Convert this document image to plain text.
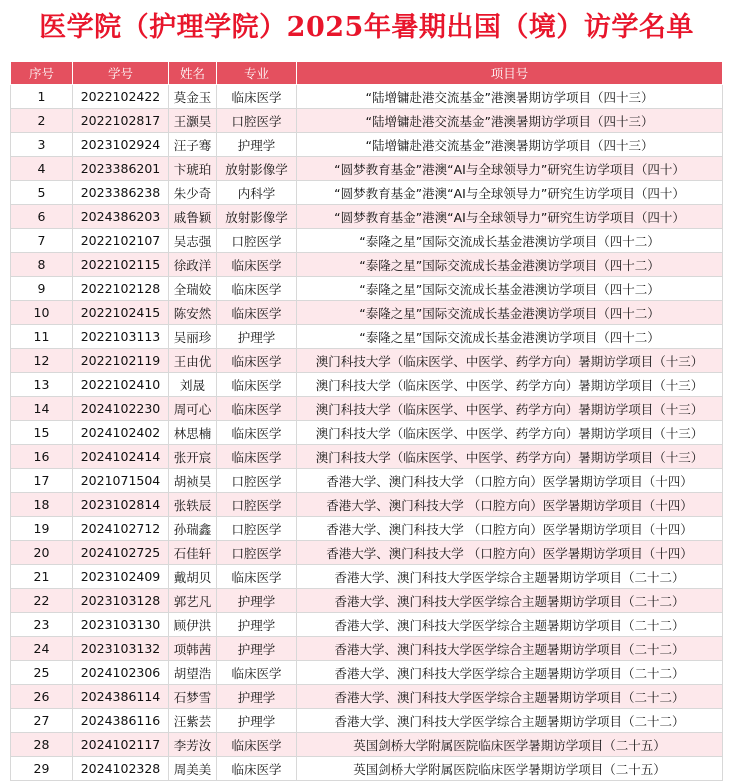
医学院（护理学院）2025年暑期出国（境）访学名单
序号	学号	姓名	专业	项目号
1	2022102422	莫金玉	临床医学	“陆增镛赴港交流基金”港澳暑期访学项目（四十三）
2	2022102817	王灏昊	口腔医学	“陆增镛赴港交流基金”港澳暑期访学项目（四十三）
3	2023102924	汪子骞	护理学	“陆增镛赴港交流基金”港澳暑期访学项目（四十三）
4	2023386201	卞琥珀	放射影像学	“圆梦教育基金”港澳“AI与全球领导力”研究生访学项目（四十）
5	2023386238	朱少奇	内科学	“圆梦教育基金”港澳“AI与全球领导力”研究生访学项目（四十）
6	2024386203	戚鲁颖	放射影像学	“圆梦教育基金”港澳“AI与全球领导力”研究生访学项目（四十）
7	2022102107	吴志强	口腔医学	“泰隆之星”国际交流成长基金港澳访学项目（四十二）
8	2022102115	徐政洋	临床医学	“泰隆之星”国际交流成长基金港澳访学项目（四十二）
9	2022102128	全瑞姣	临床医学	“泰隆之星”国际交流成长基金港澳访学项目（四十二）
10	2022102415	陈安然	临床医学	“泰隆之星”国际交流成长基金港澳访学项目（四十二）
11	2022103113	吴丽珍	护理学	“泰隆之星”国际交流成长基金港澳访学项目（四十二）
12	2022102119	王由优	临床医学	澳门科技大学（临床医学、中医学、药学方向）暑期访学项目（十三）
13	2022102410	刘晟	临床医学	澳门科技大学（临床医学、中医学、药学方向）暑期访学项目（十三）
14	2024102230	周可心	临床医学	澳门科技大学（临床医学、中医学、药学方向）暑期访学项目（十三）
15	2024102402	林思楠	临床医学	澳门科技大学（临床医学、中医学、药学方向）暑期访学项目（十三）
16	2024102414	张开宸	临床医学	澳门科技大学（临床医学、中医学、药学方向）暑期访学项目（十三）
17	2021071504	胡祯昊	口腔医学	香港大学、澳门科技大学 （口腔方向）医学暑期访学项目（十四）
18	2023102814	张轶辰	口腔医学	香港大学、澳门科技大学 （口腔方向）医学暑期访学项目（十四）
19	2024102712	孙瑞鑫	口腔医学	香港大学、澳门科技大学 （口腔方向）医学暑期访学项目（十四）
20	2024102725	石佳轩	口腔医学	香港大学、澳门科技大学 （口腔方向）医学暑期访学项目（十四）
21	2023102409	戴胡贝	临床医学	香港大学、澳门科技大学医学综合主题暑期访学项目（二十二）
22	2023103128	郭艺凡	护理学	香港大学、澳门科技大学医学综合主题暑期访学项目（二十二）
23	2023103130	顾伊洪	护理学	香港大学、澳门科技大学医学综合主题暑期访学项目（二十二）
24	2023103132	项韩茜	护理学	香港大学、澳门科技大学医学综合主题暑期访学项目（二十二）
25	2024102306	胡望浩	临床医学	香港大学、澳门科技大学医学综合主题暑期访学项目（二十二）
26	2024386114	石梦雪	护理学	香港大学、澳门科技大学医学综合主题暑期访学项目（二十二）
27	2024386116	汪紫芸	护理学	香港大学、澳门科技大学医学综合主题暑期访学项目（二十二）
28	2024102117	李芳汝	临床医学	英国剑桥大学附属医院临床医学暑期访学项目（二十五）
29	2024102328	周美美	临床医学	英国剑桥大学附属医院临床医学暑期访学项目（二十五）
